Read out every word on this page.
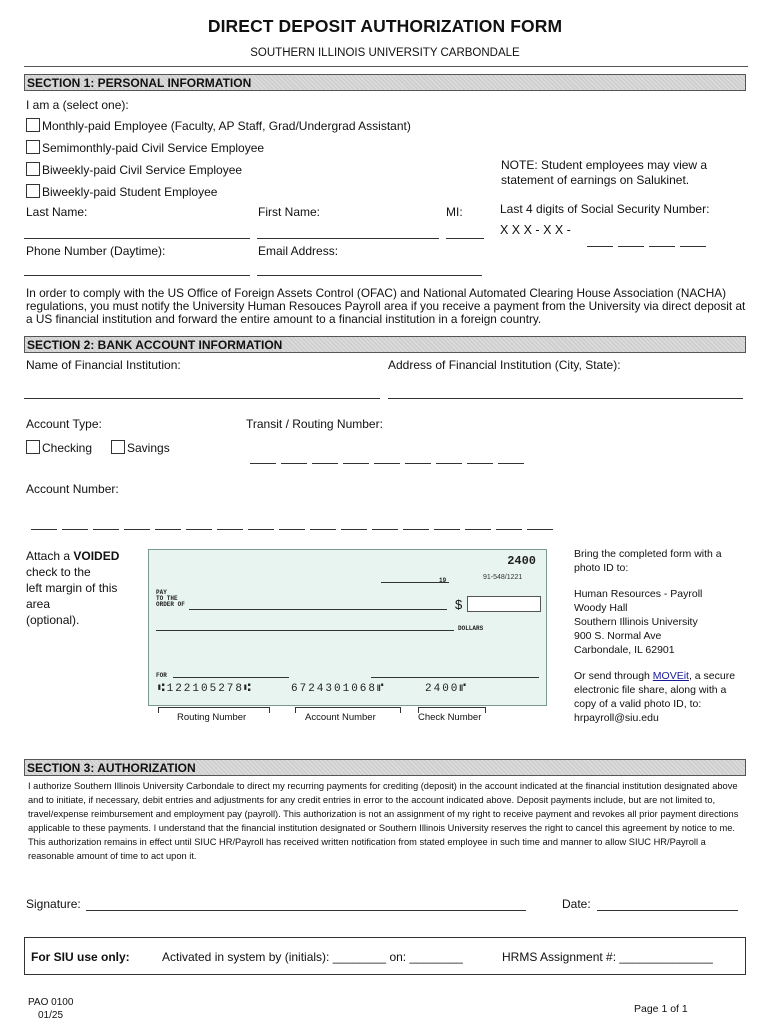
DIRECT DEPOSIT AUTHORIZATION FORM
SOUTHERN ILLINOIS UNIVERSITY CARBONDALE
SECTION 1: PERSONAL INFORMATION
I am a (select one):
Monthly-paid Employee (Faculty, AP Staff, Grad/Undergrad Assistant)
Semimonthly-paid Civil Service Employee
Biweekly-paid Civil Service Employee
Biweekly-paid Student Employee
NOTE: Student employees may view a statement of earnings on Salukinet.
Last Name:	First Name:	MI:	Last 4 digits of Social Security Number:
X X X - X X -
Phone Number (Daytime):	Email Address:
In order to comply with the US Office of Foreign Assets Control (OFAC) and National Automated Clearing House Association (NACHA) regulations, you must notify the University Human Resouces Payroll area if you receive a payment from the University via direct deposit at a US financial institution and forward the entire amount to a financial institution in a foreign country.
SECTION 2: BANK ACCOUNT INFORMATION
Name of Financial Institution:	Address of Financial Institution (City, State):
Account Type:	Transit / Routing Number:
Checking	Savings
Account Number:
Attach a VOIDED
check to the
left margin of this
area
(optional).
2400
19	91-548/1221
PAY
TO THE
ORDER OF	$
DOLLARS
FOR
⑆122105278⑆	6724301068⑈	2400⑈
Routing Number	Account Number	Check Number
Bring the completed form with a photo ID to:
Human Resources - Payroll
Woody Hall
Southern Illinois University
900 S. Normal Ave
Carbondale, IL 62901
Or send through MOVEit, a secure electronic file share, along with a copy of a valid photo ID, to: hrpayroll@siu.edu
SECTION 3: AUTHORIZATION
I authorize Southern Illinois University Carbondale to direct my recurring payments for crediting (deposit) in the account indicated at the financial institution designated above and to initiate, if necessary, debit entries and adjustments for any credit entries in error to the account indicated above. Deposit payments include, but are not limited to, travel/expense reimbursement and employment pay (payroll). This authorization is not an assignment of my right to receive payment and revokes all prior payment directions applicable to these payments. I understand that the financial institution designated or Southern Illinois University reserves the right to cancel this agreement by notice to me. This authorization remains in effect until SIUC HR/Payroll has received written notification from stated employee in such time and manner to allow SIUC HR/Payroll a reasonable amount of time to act upon it.
Signature:	Date:
For SIU use only:	Activated in system by (initials): ________ on: ________	HRMS Assignment #: ______________
PAO 0100
01/25
Page 1 of 1
